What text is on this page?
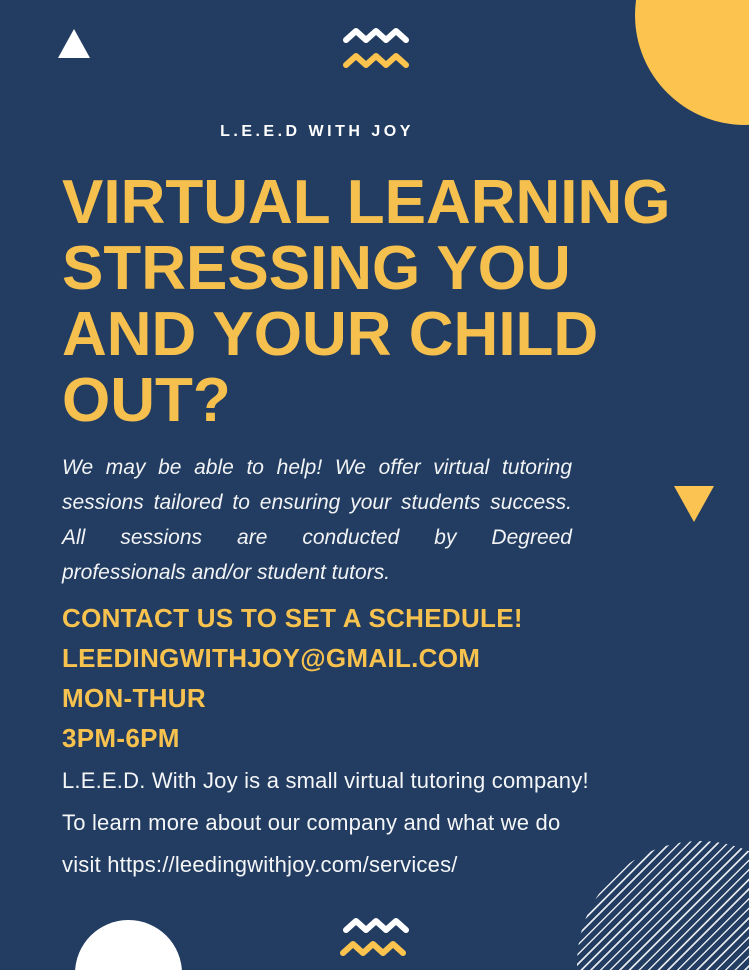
L.E.E.D WITH JOY
VIRTUAL LEARNING
STRESSING YOU
AND YOUR CHILD
OUT?
We may be able to help! We offer virtual tutoring
sessions tailored to ensuring your students success.
All sessions are conducted by Degreed
professionals and/or student tutors.
CONTACT US TO SET A SCHEDULE!
LEEDINGWITHJOY@GMAIL.COM
MON-THUR
3PM-6PM
L.E.E.D. With Joy is a small virtual tutoring company!
To learn more about our company and what we do
visit https://leedingwithjoy.com/services/
